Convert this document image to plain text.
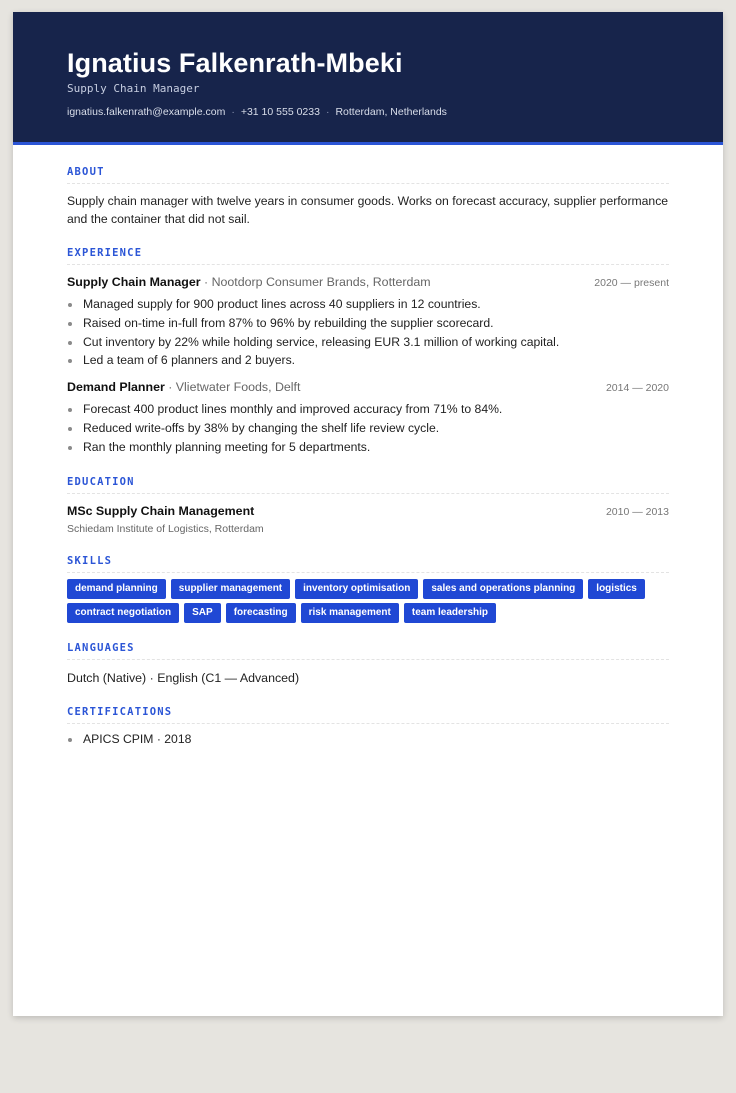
Ignatius Falkenrath-Mbeki
Supply Chain Manager
ignatius.falkenrath@example.com · +31 10 555 0233 · Rotterdam, Netherlands
ABOUT

Supply chain manager with twelve years in consumer goods. Works on forecast accuracy, supplier performance and the container that did not sail.

EXPERIENCE
Supply Chain Manager · Nootdorp Consumer Brands, Rotterdam	2020 — present
Managed supply for 900 product lines across 40 suppliers in 12 countries.
Raised on-time in-full from 87% to 96% by rebuilding the supplier scorecard.
Cut inventory by 22% while holding service, releasing EUR 3.1 million of working capital.
Led a team of 6 planners and 2 buyers.
Demand Planner · Vlietwater Foods, Delft	2014 — 2020
Forecast 400 product lines monthly and improved accuracy from 71% to 84%.
Reduced write-offs by 38% by changing the shelf life review cycle.
Ran the monthly planning meeting for 5 departments.
EDUCATION
MSc Supply Chain Management	2010 — 2013
Schiedam Institute of Logistics, Rotterdam
SKILLS
demand planning	supplier management	inventory optimisation	sales and operations planning	logistics
contract negotiation	SAP	forecasting	risk management	team leadership
LANGUAGES
Dutch (Native) · English (C1 — Advanced)
CERTIFICATIONS
APICS CPIM · 2018
